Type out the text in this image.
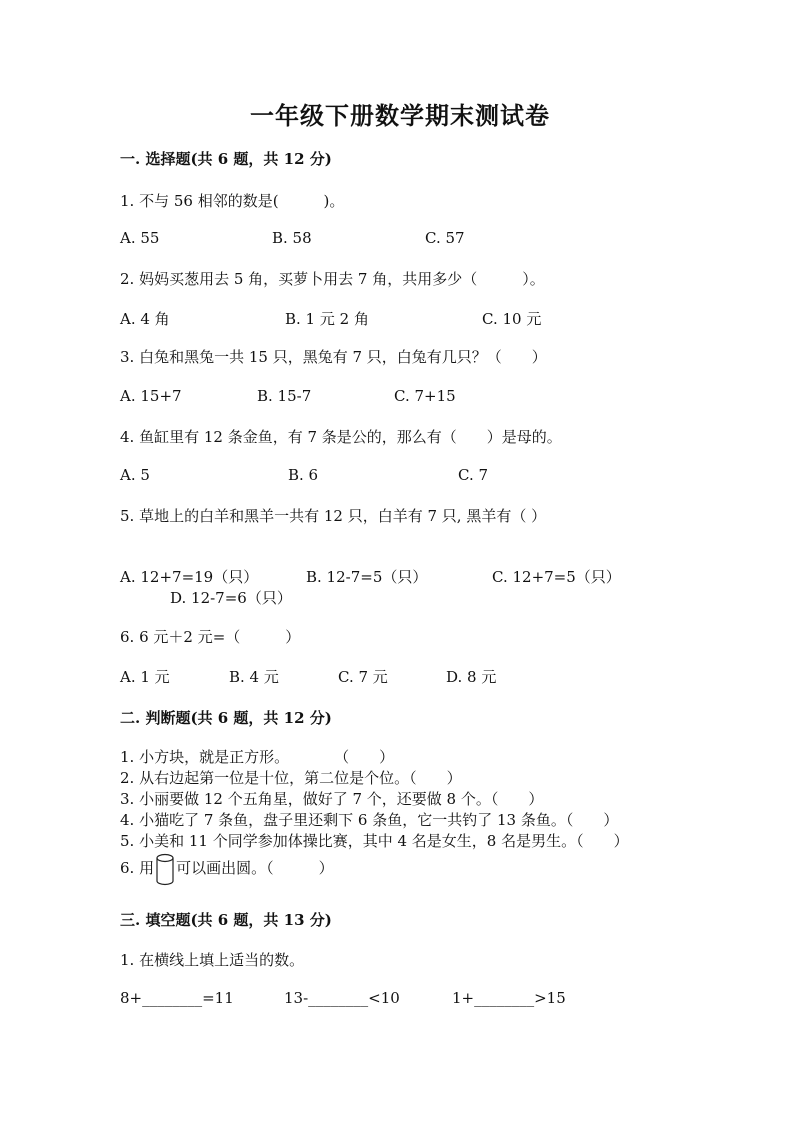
一年级下册数学期末测试卷
一. 选择题(共 6 题，共 12 分)
1. 不与 56 相邻的数是(　　　)。
A. 55	B. 58	C. 57
2. 妈妈买葱用去 5 角，买萝卜用去 7 角，共用多少（　　　）。
A. 4 角	B. 1 元 2 角	C. 10 元
3. 白兔和黑兔一共 15 只，黑兔有 7 只，白兔有几只？（　　）
A. 15+7	B. 15-7	C. 7+15
4. 鱼缸里有 12 条金鱼，有 7 条是公的，那么有（　　）是母的。
A. 5	B. 6	C. 7
5. 草地上的白羊和黑羊一共有 12 只，白羊有 7 只, 黑羊有（ ）
A. 12+7=19（只）	B. 12-7=5（只）	C. 12+7=5（只）
D. 12-7=6（只）
6. 6 元＋2 元=（　　　）
A. 1 元	B. 4 元	C. 7 元	D. 8 元
二. 判断题(共 6 题，共 12 分)
1. 小方块，就是正方形。　　　　（　　）
2. 从右边起第一位是十位，第二位是个位。（　　）
3. 小丽要做 12 个五角星，做好了 7 个，还要做 8 个。（　　）
4. 小猫吃了 7 条鱼，盘子里还剩下 6 条鱼，它一共钓了 13 条鱼。（　　）
5. 小美和 11 个同学参加体操比赛，其中 4 名是女生，8 名是男生。（　　）
6. 用 可以画出圆。（　　　）
三. 填空题(共 6 题，共 13 分)
1. 在横线上填上适当的数。
8+________=11	13-________<10	1+________>15
